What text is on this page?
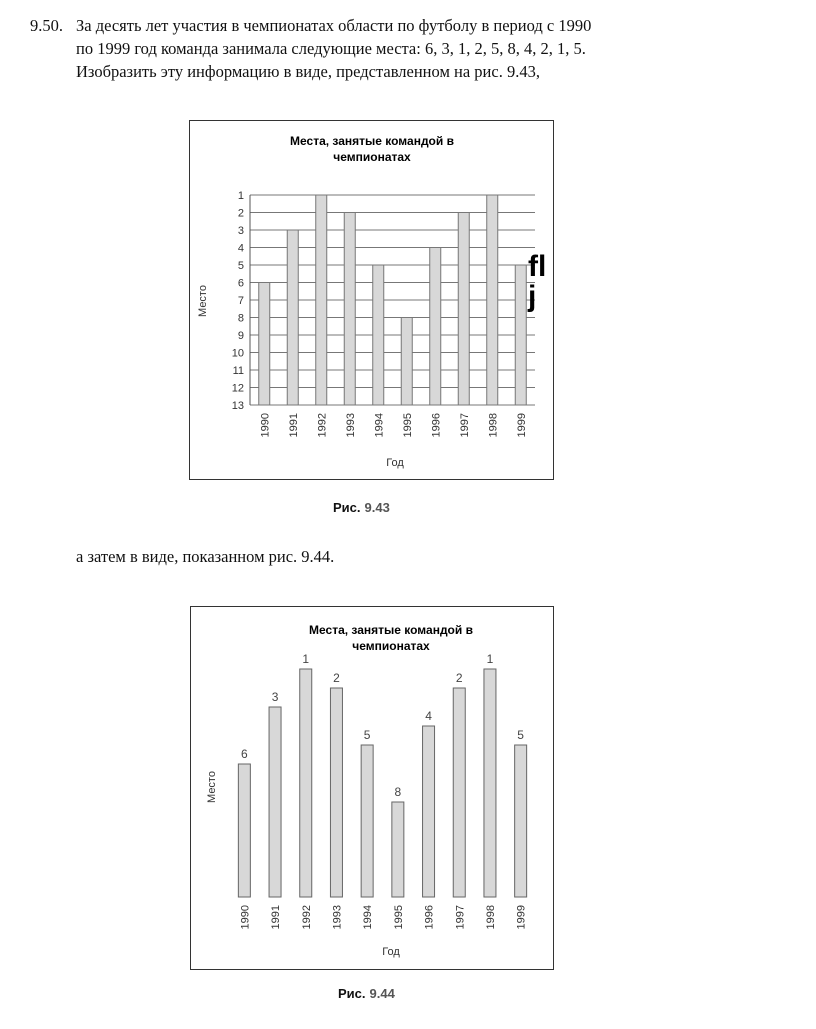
9.50. За десять лет участия в чемпионатах области по футболу в период с 1990
по 1999 год команда занимала следующие места: 6, 3, 1, 2, 5, 8, 4, 2, 1, 5.
Изобразить эту информацию в виде, представленном на рис. 9.43,
Места, занятые командой в
чемпионатах
1
2
3
4
5
6
7
8
9
10
11
12
13
1990 1991 1992 1993 1994 1995 1996 1997 1998 1999
Место
Год
fl
j
Рис. 9.43
а затем в виде, показанном рис. 9.44.
Места, занятые командой в
чемпионатах
6
3
1
2
5
8
4
2
1
5
1990 1991 1992 1993 1994 1995 1996 1997 1998 1999
Место
Год
Рис. 9.44
